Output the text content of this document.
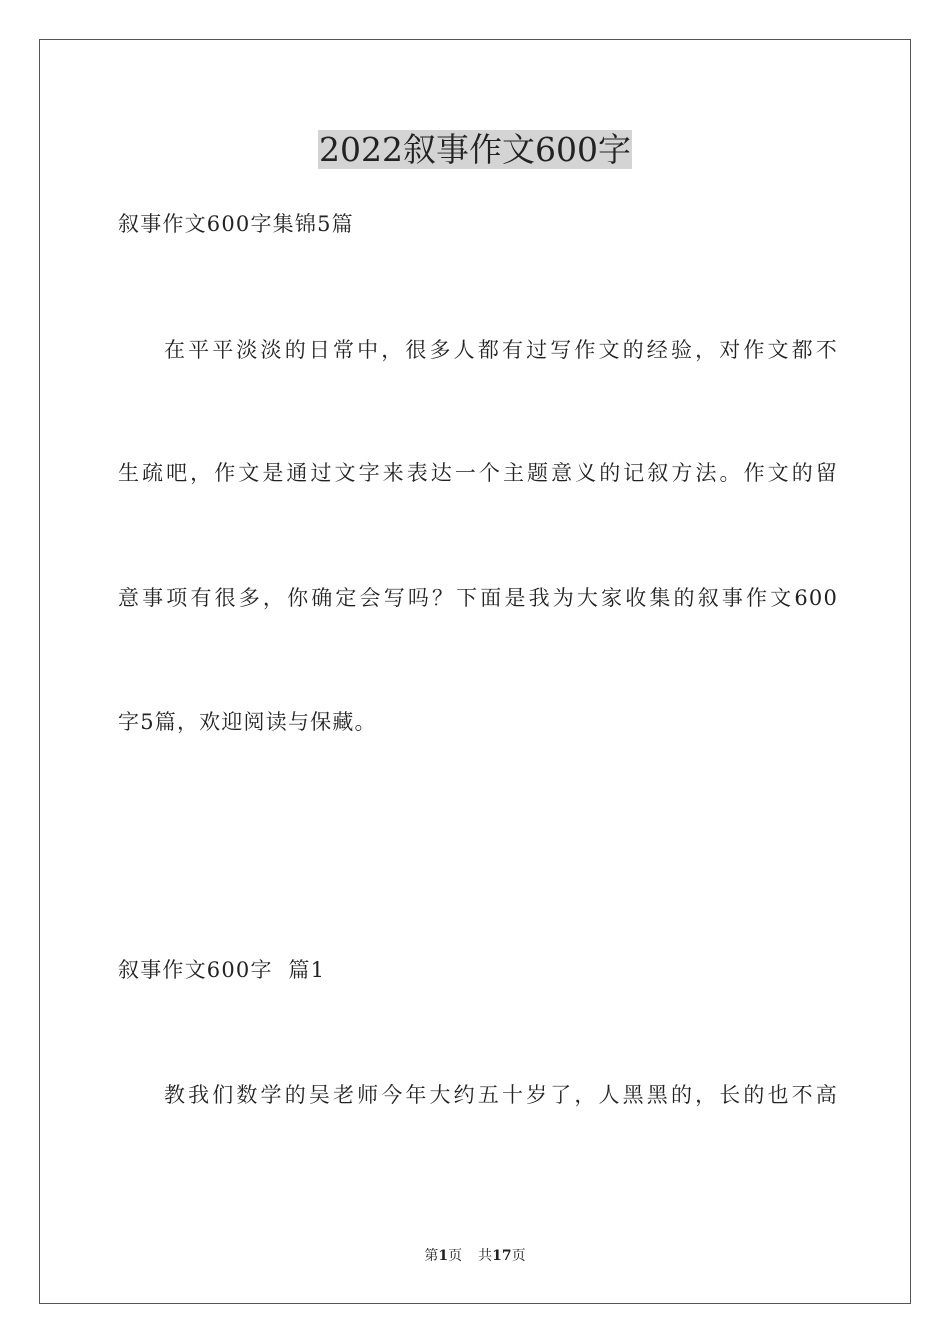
2022叙事作文600字
叙事作文600字集锦5篇
在平平淡淡的日常中，很多人都有过写作文的经验，对作文都不
生疏吧，作文是通过文字来表达一个主题意义的记叙方法。作文的留
意事项有很多，你确定会写吗？下面是我为大家收集的叙事作文600
字5篇，欢迎阅读与保藏。
叙事作文600字  篇1
教我们数学的吴老师今年大约五十岁了，人黑黑的，长的也不高
第1页 共17页
